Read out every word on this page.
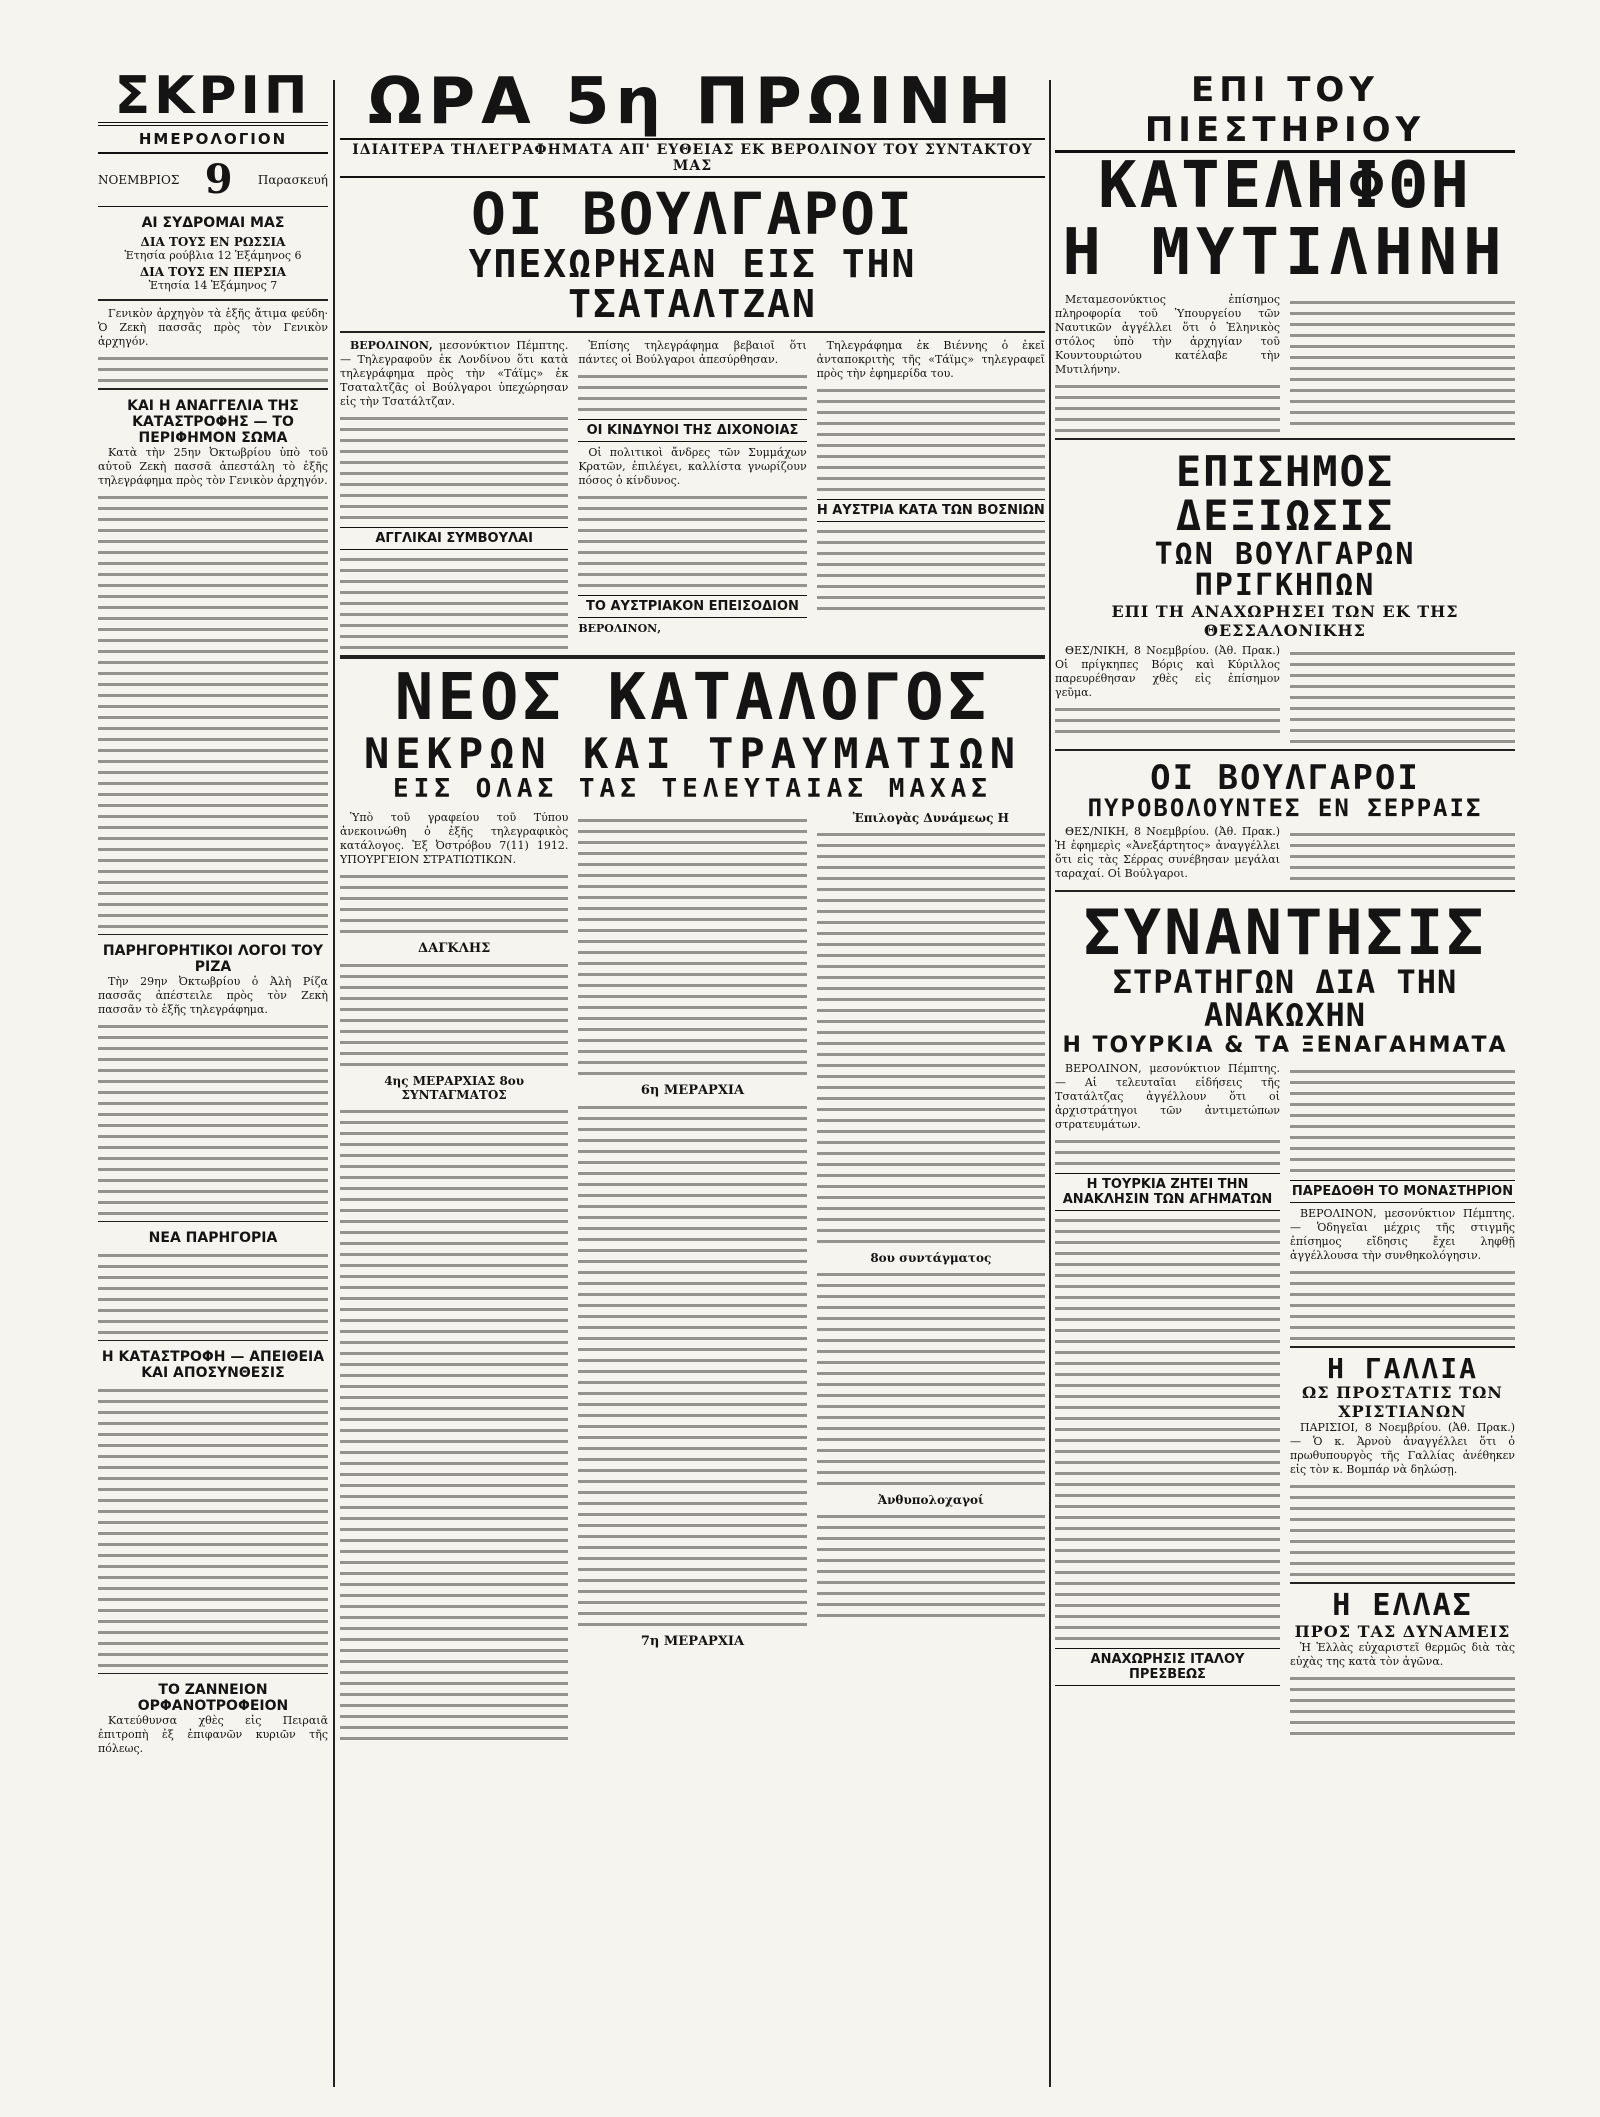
ΣΚΡΙΠ
ΗΜΕΡΟΛΟΓΙΟΝ
ΝΟΕΜΒΡΙΟΣ 9 Παρασκευή
ΑΙ ΣΥΔΡΟΜΑΙ ΜΑΣ
ΔΙΑ ΤΟΥΣ ΕΝ ΡΩΣΣΙΑ
Ἑτησία ρούβλια 12 Ἑξάμηνος 6
ΔΙΑ ΤΟΥΣ ΕΝ ΠΕΡΣΙΑ
Ἑτησία 14 Ἑξάμηνος 7

Γενικὸν ἀρχηγὸν τὰ ἑξῆς ἄτιμα φεύδη· Ὁ Ζεκὴ πασσᾶς πρὸς τὸν Γενικὸν ἀρχηγόν.

ΚΑΙ Η ΑΝΑΓΓΕΛΙΑ ΤΗΣ ΚΑΤΑΣΤΡΟΦΗΣ — ΤΟ ΠΕΡΙΦΗΜΟΝ ΣΩΜΑ

Κατὰ τὴν 25ην Ὀκτωβρίου ὑπὸ τοῦ αὐτοῦ Ζεκὴ πασσᾶ ἀπεστάλη τὸ ἑξῆς τηλεγράφημα πρὸς τὸν Γενικὸν ἀρχηγόν.

ΠΑΡΗΓΟΡΗΤΙΚΟΙ ΛΟΓΟΙ ΤΟΥ ΡΙΖΑ

Τὴν 29ην Ὀκτωβρίου ὁ Ἀλὴ Ρίζα πασσᾶς ἀπέστειλε πρὸς τὸν Ζεκὴ πασσᾶν τὸ ἑξῆς τηλεγράφημα.

ΝΕΑ ΠΑΡΗΓΟΡΙΑ
Η ΚΑΤΑΣΤΡΟΦΗ — ΑΠΕΙΘΕΙΑ ΚΑΙ ΑΠΟΣΥΝΘΕΣΙΣ
ΤΟ ΖΑΝΝΕΙΟΝ ΟΡΦΑΝΟΤΡΟΦΕΙΟΝ

Κατεύθυνσα χθὲς εἰς Πειραιᾶ ἐπιτροπὴ ἐξ ἐπιφανῶν κυριῶν τῆς πόλεως.

ΩΡΑ 5η ΠΡΩΙΝΗ
ΙΔΙΑΙΤΕΡΑ ΤΗΛΕΓΡΑΦΗΜΑΤΑ ΑΠ' ΕΥΘΕΙΑΣ ΕΚ ΒΕΡΟΛΙΝΟΥ ΤΟΥ ΣΥΝΤΑΚΤΟΥ ΜΑΣ
ΟΙ ΒΟΥΛΓΑΡΟΙ
ΥΠΕΧΩΡΗΣΑΝ ΕΙΣ ΤΗΝ ΤΣΑΤΑΛΤΖΑΝ

ΒΕΡΟΛΙΝΟΝ, μεσονύκτιον Πέμπτης. — Τηλεγραφοῦν ἐκ Λονδίνου ὅτι κατὰ τηλεγράφημα πρὸς τὴν «Τάϊμς» ἐκ Τσαταλτζᾶς οἱ Βούλγαροι ὑπεχώρησαν εἰς τὴν Τσατάλτζαν.

ΑΓΓΛΙΚΑΙ ΣΥΜΒΟΥΛΑΙ

Ἐπίσης τηλεγράφημα βεβαιοῖ ὅτι πάντες οἱ Βούλγαροι ἀπεσύρθησαν.

ΟΙ ΚΙΝΔΥΝΟΙ ΤΗΣ ΔΙΧΟΝΟΙΑΣ

Οἱ πολιτικοὶ ἄνδρες τῶν Συμμάχων Κρατῶν, ἐπιλέγει, καλλίστα γνωρίζουν πόσος ὁ κίνδυνος.

ΤΟ ΑΥΣΤΡΙΑΚΟΝ ΕΠΕΙΣΟΔΙΟΝ
ΒΕΡΟΛΙΝΟΝ,

Τηλεγράφημα ἐκ Βιέννης ὁ ἐκεῖ ἀνταποκριτὴς τῆς «Τάϊμς» τηλεγραφεῖ πρὸς τὴν ἐφημερίδα του.

Η ΑΥΣΤΡΙΑ ΚΑΤΑ ΤΩΝ ΒΟΣΝΙΩΝ
ΝΕΟΣ ΚΑΤΑΛΟΓΟΣ
ΝΕΚΡΩΝ ΚΑΙ ΤΡΑΥΜΑΤΙΩΝ
ΕΙΣ ΟΛΑΣ ΤΑΣ ΤΕΛΕΥΤΑΙΑΣ ΜΑΧΑΣ

Ὑπὸ τοῦ γραφείου τοῦ Τύπου ἀνεκοινώθη ὁ ἑξῆς τηλεγραφικὸς κατάλογος. Ἐξ Ὀστρόβου 7(11) 1912. ΥΠΟΥΡΓΕΙΟΝ ΣΤΡΑΤΙΩΤΙΚΩΝ.

ΔΑΓΚΛΗΣ
4ης ΜΕΡΑΡΧΙΑΣ 8ου ΣΥΝΤΑΓΜΑΤΟΣ	6η ΜΕΡΑΡΧΙΑ
7η ΜΕΡΑΡΧΙΑ
Ἐπιλογὰς Δυνάμεως Η
8ου συντάγματος
Ἀνθυπολοχαγοί
ΕΠΙ ΤΟΥ ΠΙΕΣΤΗΡΙΟΥ
ΚΑΤΕΛΗΦΘΗ
Η ΜΥΤΙΛΗΝΗ

Μεταμεσονύκτιος ἐπίσημος πληροφορία τοῦ Ὑπουργείου τῶν Ναυτικῶν ἀγγέλλει ὅτι ὁ Ἐληνικὸς στόλος ὑπὸ τὴν ἀρχηγίαν τοῦ Κουντουριώτου κατέλαβε τὴν Μυτιλήνην.

ΕΠΙΣΗΜΟΣ ΔΕΞΙΩΣΙΣ
ΤΩΝ ΒΟΥΛΓΑΡΩΝ ΠΡΙΓΚΗΠΩΝ
ΕΠΙ ΤΗ ΑΝΑΧΩΡΗΣΕΙ ΤΩΝ ΕΚ ΤΗΣ ΘΕΣΣΑΛΟΝΙΚΗΣ

ΘΕΣ/ΝΙΚΗ, 8 Νοεμβρίου. (Ἀθ. Πρακ.) Οἱ πρίγκηπες Βόρις καὶ Κύριλλος παρευρέθησαν χθὲς εἰς ἐπίσημον γεῦμα.

ΟΙ ΒΟΥΛΓΑΡΟΙ
ΠΥΡΟΒΟΛΟΥΝΤΕΣ ΕΝ ΣΕΡΡΑΙΣ

ΘΕΣ/ΝΙΚΗ, 8 Νοεμβρίου. (Ἀθ. Πρακ.) Ἡ ἐφημερὶς «Ἀνεξάρτητος» ἀναγγέλλει ὅτι εἰς τὰς Σέρρας συνέβησαν μεγάλαι ταραχαί. Οἱ Βούλγαροι.

ΣΥΝΑΝΤΗΣΙΣ
ΣΤΡΑΤΗΓΩΝ ΔΙΑ ΤΗΝ ΑΝΑΚΩΧΗΝ
Η ΤΟΥΡΚΙΑ & ΤΑ ΞΕΝΑΓΑΗΜΑΤΑ

ΒΕΡΟΛΙΝΟΝ, μεσονύκτιον Πέμπτης. — Αἱ τελευταῖαι εἰδήσεις τῆς Τσατάλτζας ἀγγέλλουν ὅτι οἱ ἀρχιστράτηγοι τῶν ἀντιμετώπων στρατευμάτων.

Η ΤΟΥΡΚΙΑ ΖΗΤΕΙ ΤΗΝ ΑΝΑΚΛΗΣΙΝ ΤΩΝ ΑΓΗΜΑΤΩΝ
ΑΝΑΧΩΡΗΣΙΣ ΙΤΑΛΟΥ ΠΡΕΣΒΕΩΣ
ΠΑΡΕΔΟΘΗ ΤΟ ΜΟΝΑΣΤΗΡΙΟΝ

ΒΕΡΟΛΙΝΟΝ, μεσονύκτιον Πέμπτης. — Ὁδηγεῖαι μέχρις τῆς στιγμῆς ἐπίσημος εἴδησις ἔχει ληφθῇ ἀγγέλλουσα τὴν συνθηκολόγησιν.

Η ΓΑΛΛΙΑ
ΩΣ ΠΡΟΣΤΑΤΙΣ ΤΩΝ ΧΡΙΣΤΙΑΝΩΝ

ΠΑΡΙΣΙΟΙ, 8 Νοεμβρίου. (Ἀθ. Πρακ.) — Ὁ κ. Ἀρνοὺ ἀναγγέλλει ὅτι ὁ πρωθυπουργὸς τῆς Γαλλίας ἀνέθηκεν εἰς τὸν κ. Βομπάρ νὰ δηλώσῃ.

Η ΕΛΛΑΣ
ΠΡΟΣ ΤΑΣ ΔΥΝΑΜΕΙΣ

Ἡ Ἑλλὰς εὐχαριστεῖ θερμῶς διὰ τὰς εὐχὰς της κατὰ τὸν ἀγῶνα.
